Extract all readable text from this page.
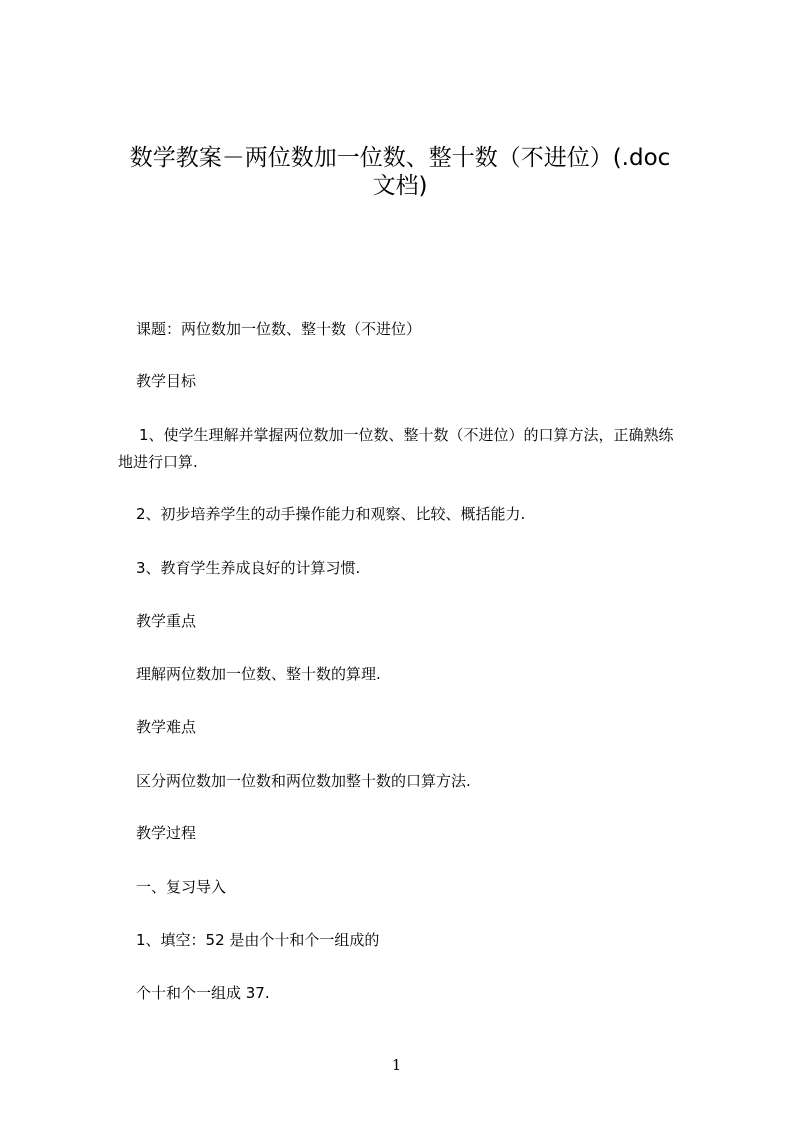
数学教案－两位数加一位数、整十数（不进位）(.doc
文档)
课题：两位数加一位数、整十数（不进位）
教学目标
1、使学生理解并掌握两位数加一位数、整十数（不进位）的口算方法，正确熟练
地进行口算.
2、初步培养学生的动手操作能力和观察、比较、概括能力.
3、教育学生养成良好的计算习惯.
教学重点
理解两位数加一位数、整十数的算理.
教学难点
区分两位数加一位数和两位数加整十数的口算方法.
教学过程
一、复习导入
1、填空：52 是由个十和个一组成的
个十和个一组成 37.
1
